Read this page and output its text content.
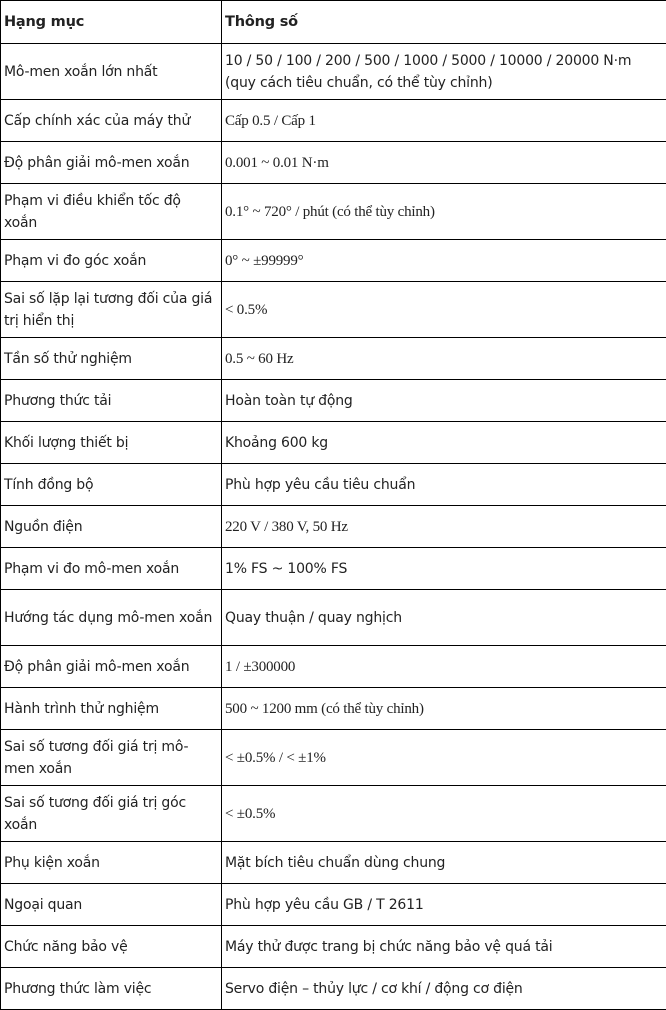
Hạng mục	Thông số
Mô-men xoắn lớn nhất	10 / 50 / 100 / 200 / 500 / 1000 / 5000 / 10000 / 20000 N·m (quy cách tiêu chuẩn, có thể tùy chỉnh)
Cấp chính xác của máy thử	Cấp 0.5 / Cấp 1
Độ phân giải mô-men xoắn	0.001 ~ 0.01 N·m
Phạm vi điều khiển tốc độ xoắn	0.1° ~ 720° / phút (có thể tùy chỉnh)
Phạm vi đo góc xoắn	0° ~ ±99999°
Sai số lặp lại tương đối của giá trị hiển thị	< 0.5%
Tần số thử nghiệm	0.5 ~ 60 Hz
Phương thức tải	Hoàn toàn tự động
Khối lượng thiết bị	Khoảng 600 kg
Tính đồng bộ	Phù hợp yêu cầu tiêu chuẩn
Nguồn điện	220 V / 380 V, 50 Hz
Phạm vi đo mô-men xoắn	1% FS ~ 100% FS
Hướng tác dụng mô-men xoắn	Quay thuận / quay nghịch
Độ phân giải mô-men xoắn	1 / ±300000
Hành trình thử nghiệm	500 ~ 1200 mm (có thể tùy chỉnh)
Sai số tương đối giá trị mô-men xoắn	< ±0.5% / < ±1%
Sai số tương đối giá trị góc xoắn	< ±0.5%
Phụ kiện xoắn	Mặt bích tiêu chuẩn dùng chung
Ngoại quan	Phù hợp yêu cầu GB / T 2611
Chức năng bảo vệ	Máy thử được trang bị chức năng bảo vệ quá tải
Phương thức làm việc	Servo điện – thủy lực / cơ khí / động cơ điện
